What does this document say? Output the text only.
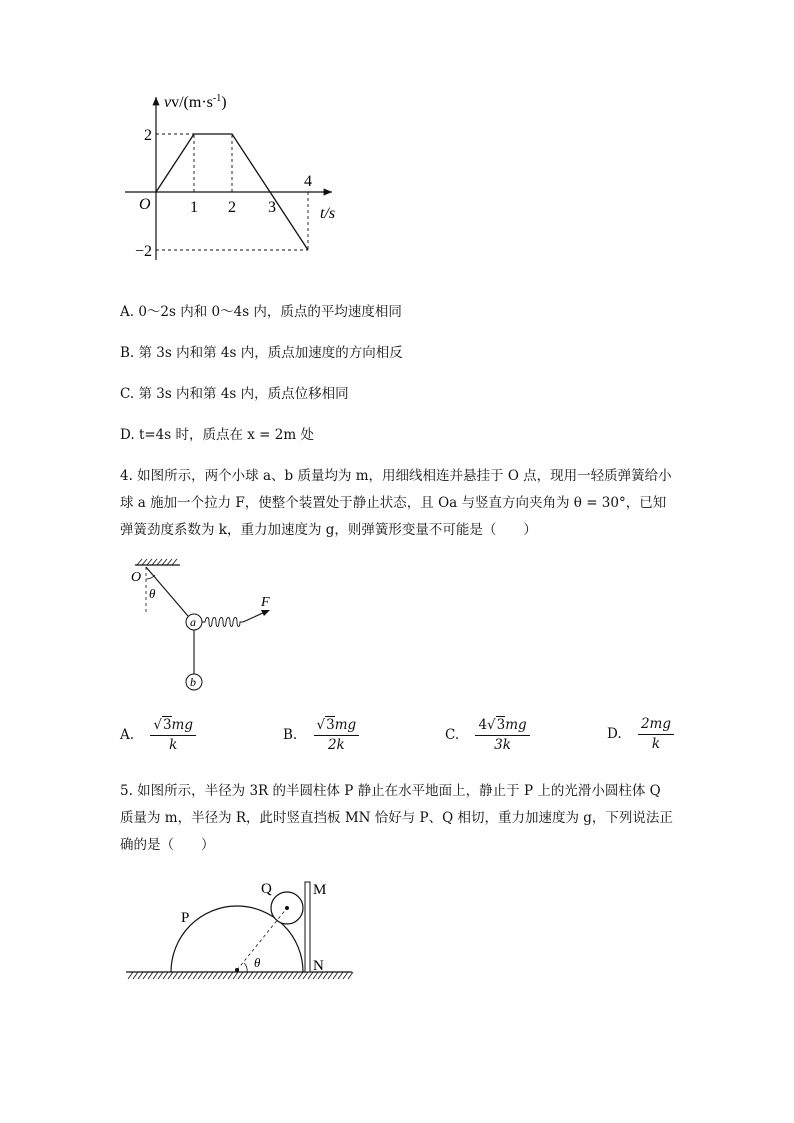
$vv/(m\cdot s^{-1})$
O 1 2 3
4
2
−2
t/s
A. 0～2s 内和 0～4s 内，质点的平均速度相同
B. 第 3s 内和第 4s 内，质点加速度的方向相反
C. 第 3s 内和第 4s 内，质点位移相同
D. t=4s 时，质点在 x = 2m 处
4. 如图所示，两个小球 a、b 质量均为 m，用细线相连并悬挂于 O 点，现用一轻质弹簧给小
球 a 施加一个拉力 F，使整个装置处于静止状态，且 Oa 与竖直方向夹角为 θ = 30°，已知
弹簧劲度系数为 k，重力加速度为 g，则弹簧形变量不可能是（　　）
O
θ
a
F
b
A. $\frac{√3mg}{k}$	B. $\frac{√3mg}{2k}$	C. $\frac{4√3mg}{3k}$	D. $\frac{2mg}{k}$
5. 如图所示，半径为 3R 的半圆柱体 P 静止在水平地面上，静止于 P 上的光滑小圆柱体 Q
质量为 m，半径为 R，此时竖直挡板 MN 恰好与 P、Q 相切，重力加速度为 g，下列说法正
确的是（　　）
P
Q
θ
M
N
